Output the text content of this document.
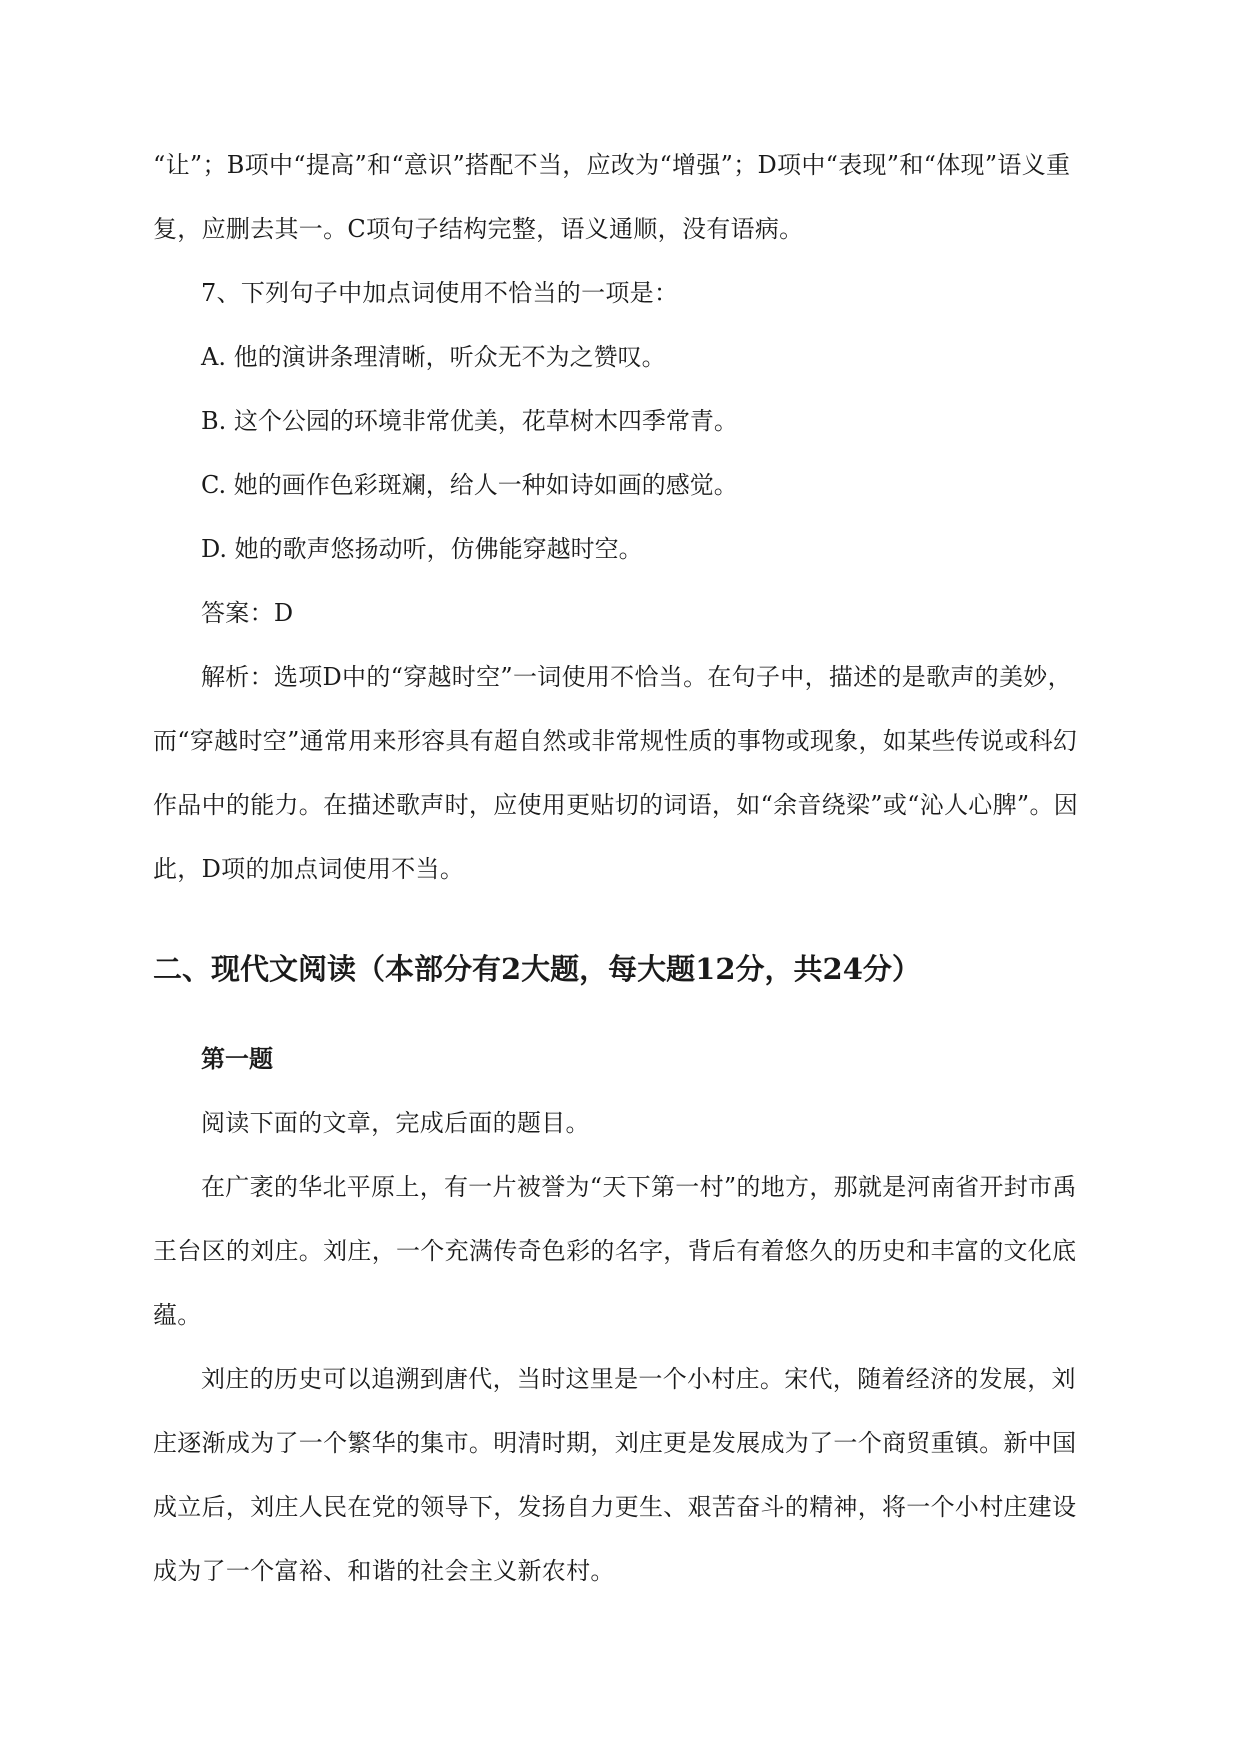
“让”；B项中“提高”和“意识”搭配不当，应改为“增强”；D项中“表现”和“体现”语义重复，应删去其一。C项句子结构完整，语义通顺，没有语病。

7、下列句子中加点词使用不恰当的一项是：

A. 他的演讲条理清晰，听众无不为之赞叹。

B. 这个公园的环境非常优美，花草树木四季常青。

C. 她的画作色彩斑斓，给人一种如诗如画的感觉。

D. 她的歌声悠扬动听，仿佛能穿越时空。

答案：D

解析：选项D中的“穿越时空”一词使用不恰当。在句子中，描述的是歌声的美妙，而“穿越时空”通常用来形容具有超自然或非常规性质的事物或现象，如某些传说或科幻作品中的能力。在描述歌声时，应使用更贴切的词语，如“余音绕梁”或“沁人心脾”。因此，D项的加点词使用不当。

二、现代文阅读（本部分有2大题，每大题12分，共24分）
第一题

阅读下面的文章，完成后面的题目。

在广袤的华北平原上，有一片被誉为“天下第一村”的地方，那就是河南省开封市禹王台区的刘庄。刘庄，一个充满传奇色彩的名字，背后有着悠久的历史和丰富的文化底蕴。

刘庄的历史可以追溯到唐代，当时这里是一个小村庄。宋代，随着经济的发展，刘庄逐渐成为了一个繁华的集市。明清时期，刘庄更是发展成为了一个商贸重镇。新中国成立后，刘庄人民在党的领导下，发扬自力更生、艰苦奋斗的精神，将一个小村庄建设成为了一个富裕、和谐的社会主义新农村。
